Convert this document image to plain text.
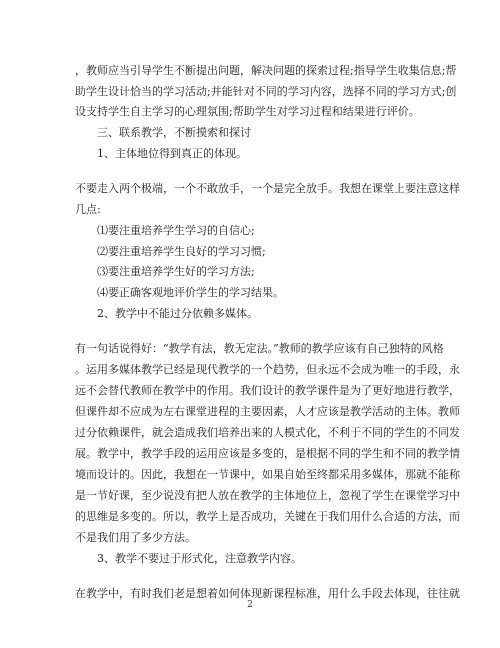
，教师应当引导学生不断提出问题，解决问题的探索过程;指导学生收集信息;帮
助学生设计恰当的学习活动;并能针对不同的学习内容，选择不同的学习方式;创
设支持学生自主学习的心理氛围;帮助学生对学习过程和结果进行评价。
三、联系教学，不断摸索和探讨
1、主体地位得到真正的体现。
不要走入两个极端，一个不敢放手，一个是完全放手。我想在课堂上要注意这样
几点:
⑴要注重培养学生学习的自信心;
⑵要注重培养学生良好的学习习惯;
⑶要注重培养学生好的学习方法;
⑷要正确客观地评价学生的学习结果。
2、教学中不能过分依赖多媒体。
有一句话说得好：“教学有法，教无定法。”教师的教学应该有自己独特的风格
。运用多媒体教学已经是现代教学的一个趋势，但永远不会成为唯一的手段，永
远不会替代教师在教学中的作用。我们设计的教学课件是为了更好地进行教学，
但课件却不应成为左右课堂进程的主要因素，人才应该是教学活动的主体。教师
过分依赖课件，就会造成我们培养出来的人模式化，不利于不同的学生的不同发
展。教学中，教学手段的运用应该是多变的，是根据不同的学生和不同的教学情
境而设计的。因此，我想在一节课中，如果自始至终都采用多媒体，那就不能称
是一节好课，至少说没有把人放在教学的主体地位上，忽视了学生在课堂学习中
的思维是多变的。所以，教学上是否成功，关键在于我们用什么合适的方法，而
不是我们用了多少方法。
3、教学不要过于形式化，注意教学内容。
在教学中，有时我们老是想着如何体现新课程标准，用什么手段去体现，往往就
2
